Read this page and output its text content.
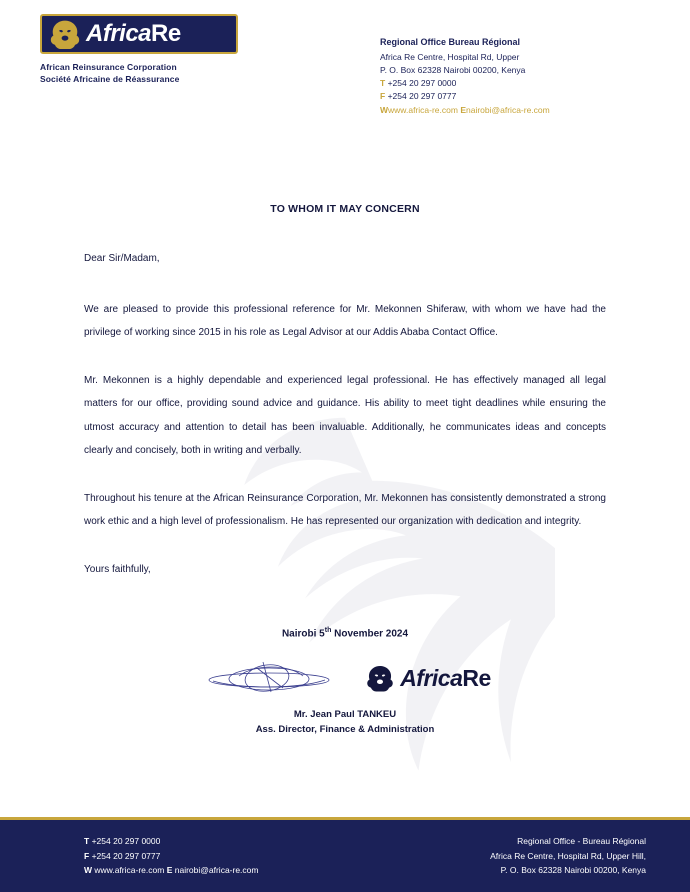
AfricaRe
African Reinsurance Corporation
Société Africaine de Réassurance
Regional Office Bureau Régional
Africa Re Centre, Hospital Rd, Upper
P. O. Box 62328 Nairobi 00200, Kenya
T +254 20 297 0000
F +254 20 297 0777
Wwww.africa-re.com Enairobi@africa-re.com
TO WHOM IT MAY CONCERN
Dear Sir/Madam,

We are pleased to provide this professional reference for Mr. Mekonnen Shiferaw, with whom we have had the privilege of working since 2015 in his role as Legal Advisor at our Addis Ababa Contact Office.

Mr. Mekonnen is a highly dependable and experienced legal professional. He has effectively managed all legal matters for our office, providing sound advice and guidance. His ability to meet tight deadlines while ensuring the utmost accuracy and attention to detail has been invaluable. Additionally, he communicates ideas and concepts clearly and concisely, both in writing and verbally.

Throughout his tenure at the African Reinsurance Corporation, Mr. Mekonnen has consistently demonstrated a strong work ethic and a high level of professionalism. He has represented our organization with dedication and integrity.

Yours faithfully,
Nairobi 5th November 2024
AfricaRe
Mr. Jean Paul TANKEU
Ass. Director, Finance & Administration
T +254 20 297 0000
F +254 20 297 0777
W www.africa-re.com E nairobi@africa-re.com
Regional Office - Bureau Régional
Africa Re Centre, Hospital Rd, Upper Hill,
P. O. Box 62328 Nairobi 00200, Kenya
